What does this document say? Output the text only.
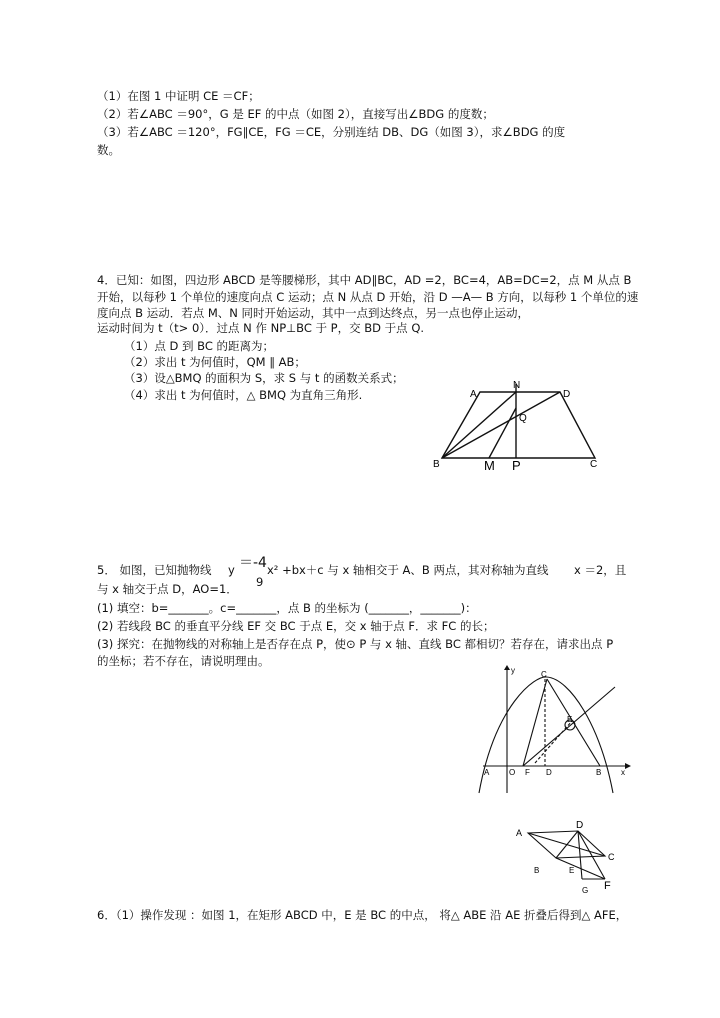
（1）在图 1 中证明 CE ＝CF；
（2）若∠ABC ＝90°，G 是 EF 的中点（如图 2），直接写出∠BDG 的度数；
（3）若∠ABC ＝120°，FG∥CE，FG ＝CE，分别连结 DB、DG（如图 3），求∠BDG 的度
数。
4．已知：如图，四边形 ABCD 是等腰梯形，其中 AD∥BC，AD =2，BC=4，AB=DC=2，点 M 从点 B
开始，以每秒 1 个单位的速度向点 C 运动；点 N 从点 D 开始，沿 D —A— B 方向，以每秒 1 个单位的速
度向点 B 运动．若点 M、N 同时开始运动，其中一点到达终点，另一点也停止运动，
运动时间为 t（t> 0）．过点 N 作 NP⊥BC 于 P，交 BD 于点 Q.
（1）点 D 到 BC 的距离为；
（2）求出 t 为何值时，QM ∥ AB；
（3）设△BMQ 的面积为 S，求 S 与 t 的函数关系式；
（4）求出 t 为何值时，△ BMQ 为直角三角形.	A	D
N
Q
B	C
M P
5． 如图，已知抛物线 y ＝-4 x² +bx＋c 与 x 轴相交于 A、B 两点，其对称轴为直线 x ＝2，且
9
与 x 轴交于点 D，AO=1．
(1) 填空：b=_______。c=_______，点 B 的坐标为 (_______，_______)：
(2) 若线段 BC 的垂直平分线 EF 交 BC 于点 E，交 x 轴于点 F．求 FC 的长；
(3) 探究：在抛物线的对称轴上是否存在点 P，使⊙ P 与 x 轴、直线 BC 都相切？若存在，请求出点 P
的坐标；若不存在，请说明理由。
y
x
A O F D	B
C
E
A
D
C
B	E
G F
6．（1）操作发现 ：如图 1，在矩形 ABCD 中，E 是 BC 的中点， 将△ ABE 沿 AE 折叠后得到△ AFE，
